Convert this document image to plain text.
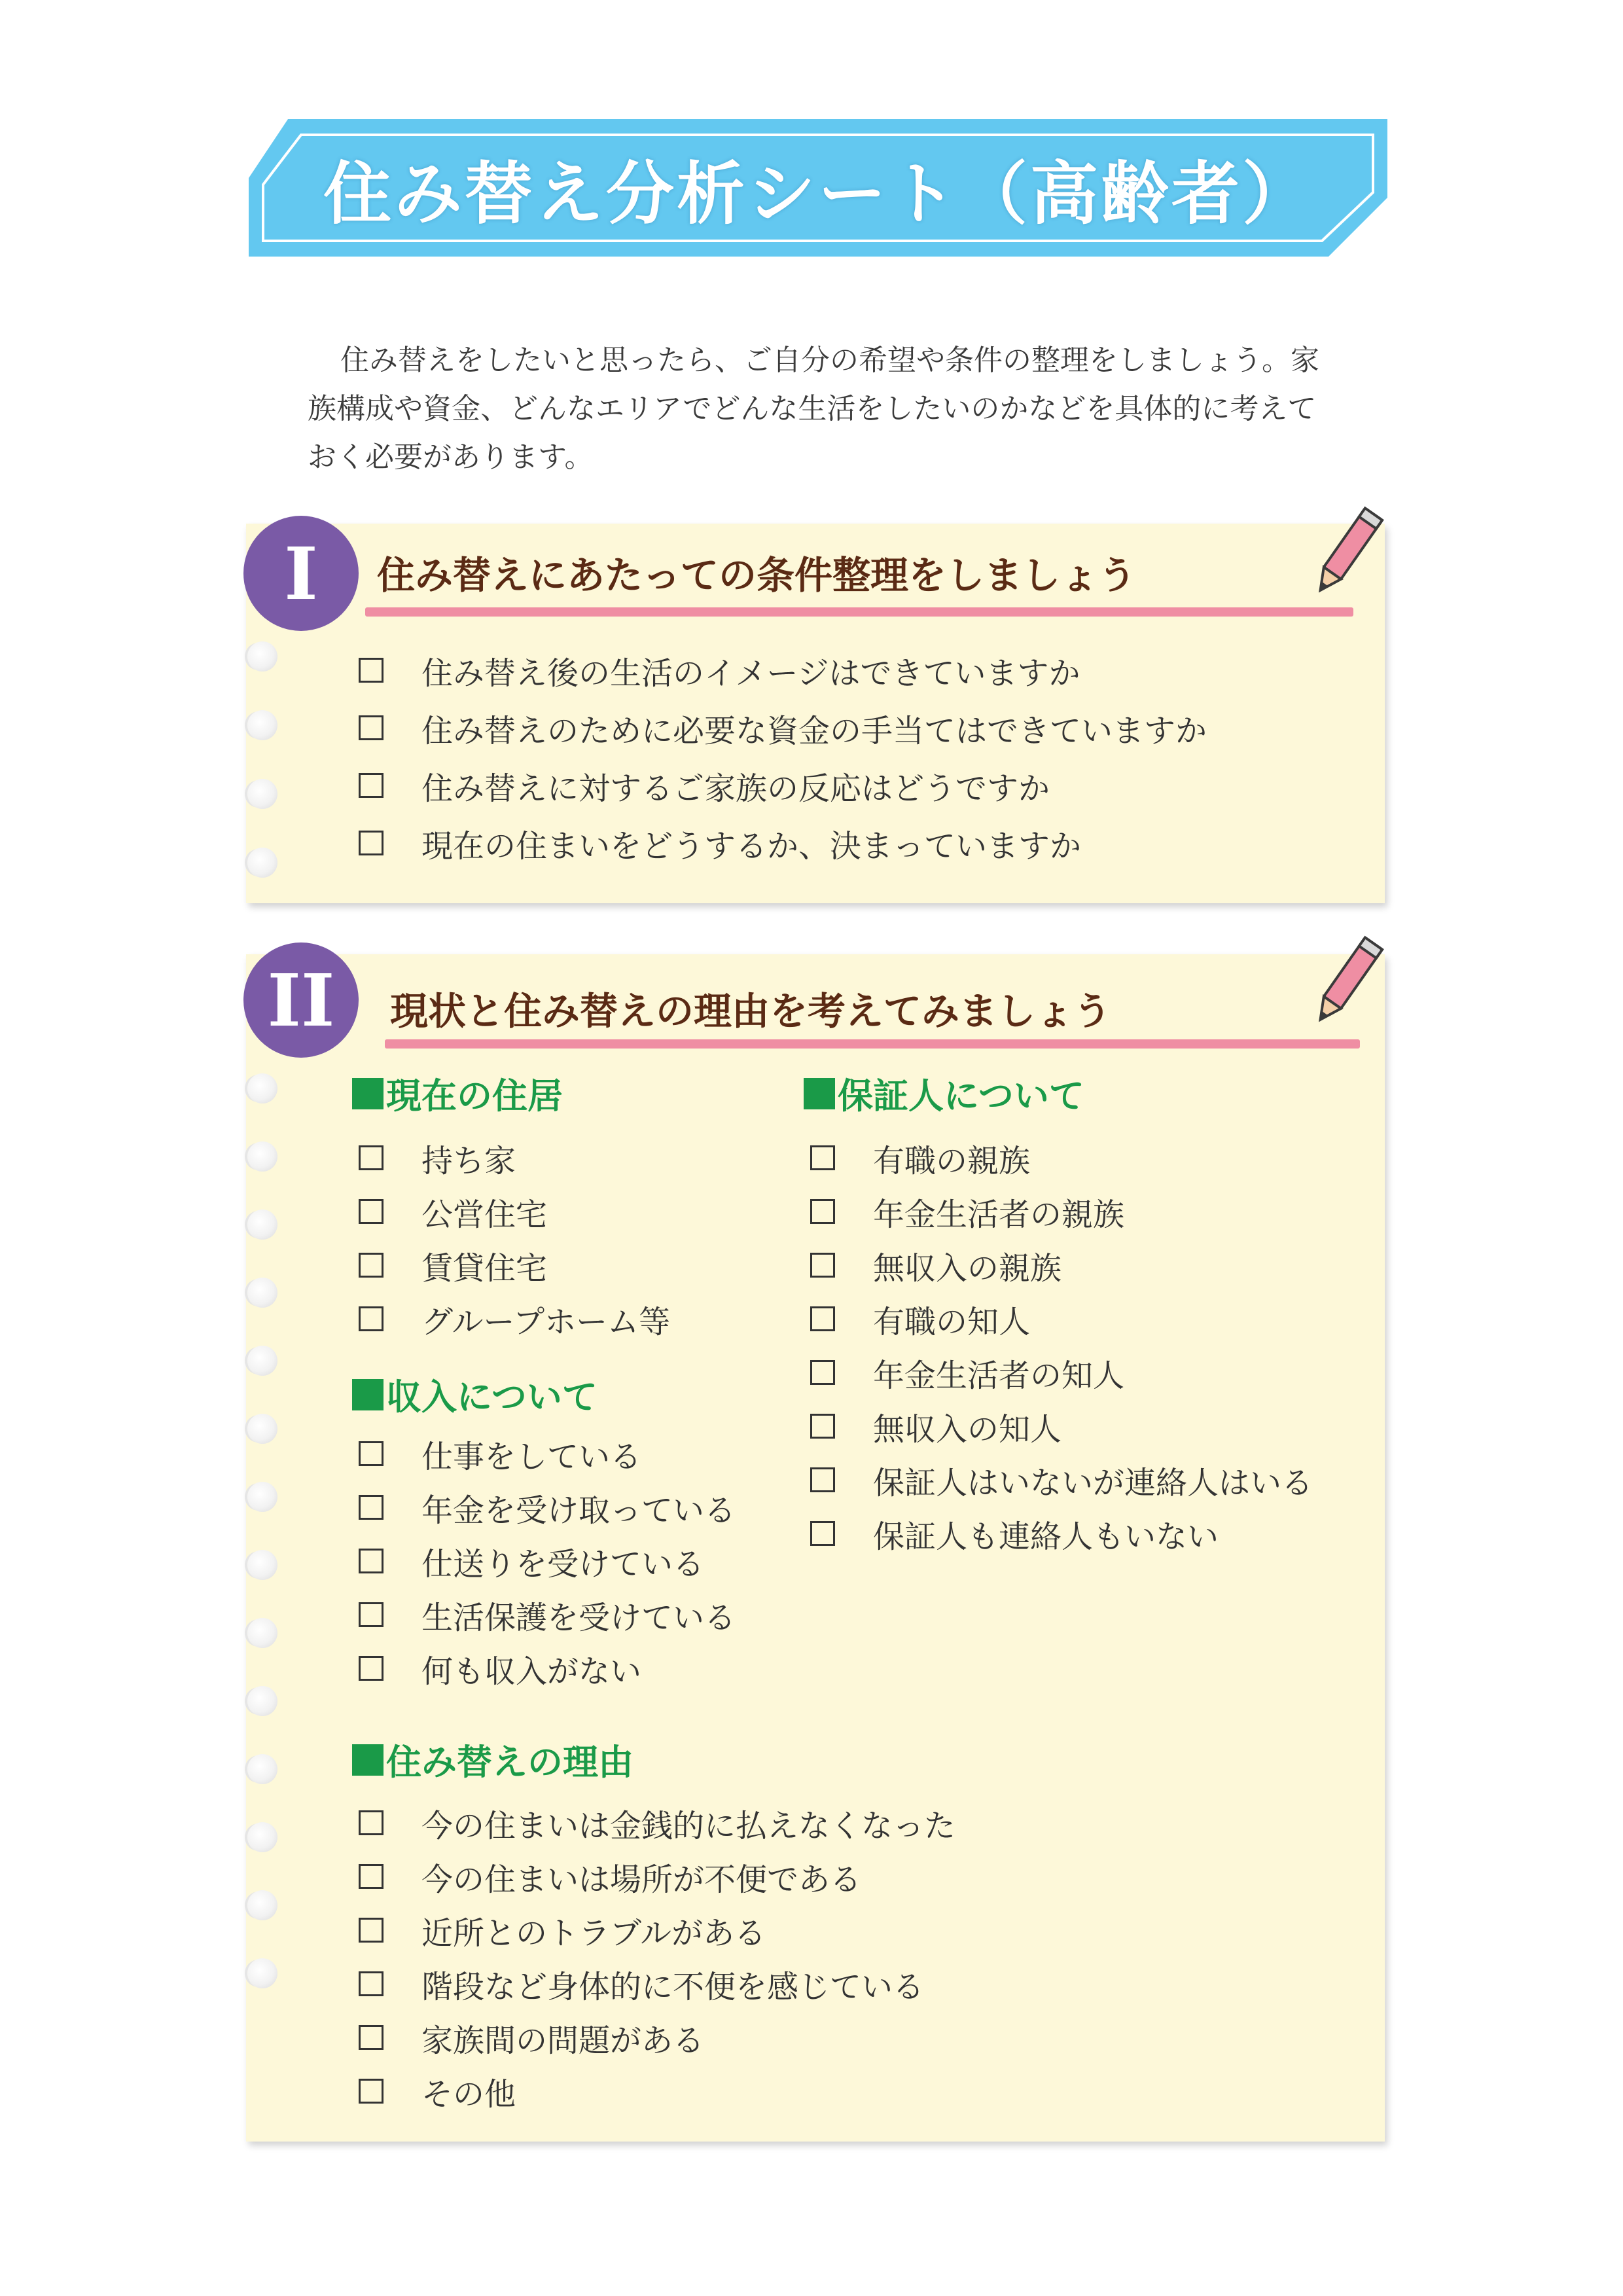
住み替え分析シート（高齢者）

住み替えをしたいと思ったら、ご自分の希望や条件の整理をしましょう。家族構成や資金、どんなエリアでどんな生活をしたいのかなどを具体的に考えておく必要があります。

I	住み替えにあたっての条件整理をしましょう
住み替え後の生活のイメージはできていますか
住み替えのために必要な資金の手当てはできていますか
住み替えに対するご家族の反応はどうですか
現在の住まいをどうするか、決まっていますか
II	現状と住み替えの理由を考えてみましょう
現在の住居
持ち家
公営住宅
賃貸住宅
グループホーム等
収入について
仕事をしている
年金を受け取っている
仕送りを受けている
生活保護を受けている
何も収入がない
保証人について
有職の親族
年金生活者の親族
無収入の親族
有職の知人
年金生活者の知人
無収入の知人
保証人はいないが連絡人はいる
保証人も連絡人もいない
住み替えの理由
今の住まいは金銭的に払えなくなった
今の住まいは場所が不便である
近所とのトラブルがある
階段など身体的に不便を感じている
家族間の問題がある
その他
